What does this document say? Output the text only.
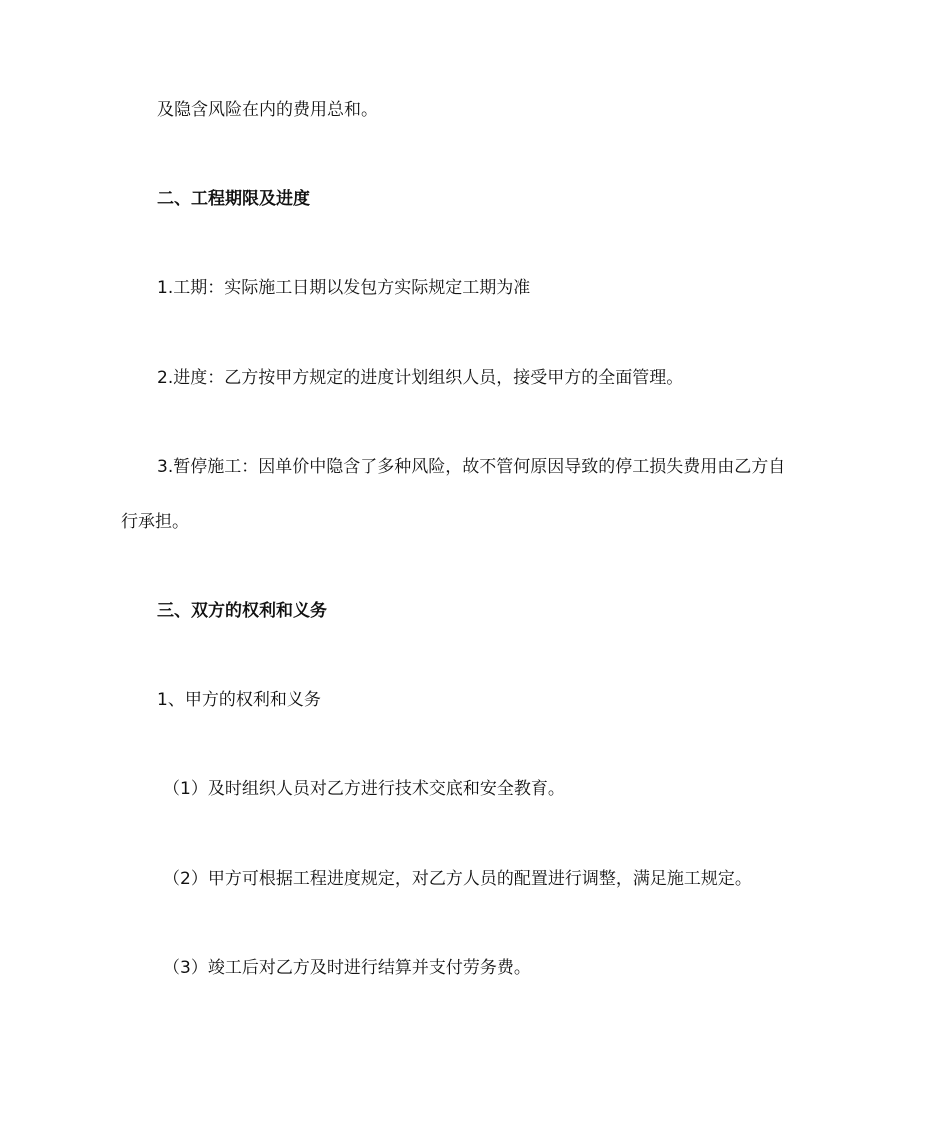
及隐含风险在内的费用总和。
二、工程期限及进度
1.工期：实际施工日期以发包方实际规定工期为准
2.进度：乙方按甲方规定的进度计划组织人员，接受甲方的全面管理。
3.暂停施工：因单价中隐含了多种风险，故不管何原因导致的停工损失费用由乙方自
行承担。
三、双方的权利和义务
1、甲方的权利和义务
（1）及时组织人员对乙方进行技术交底和安全教育。
（2）甲方可根据工程进度规定，对乙方人员的配置进行调整，满足施工规定。
（3）竣工后对乙方及时进行结算并支付劳务费。
